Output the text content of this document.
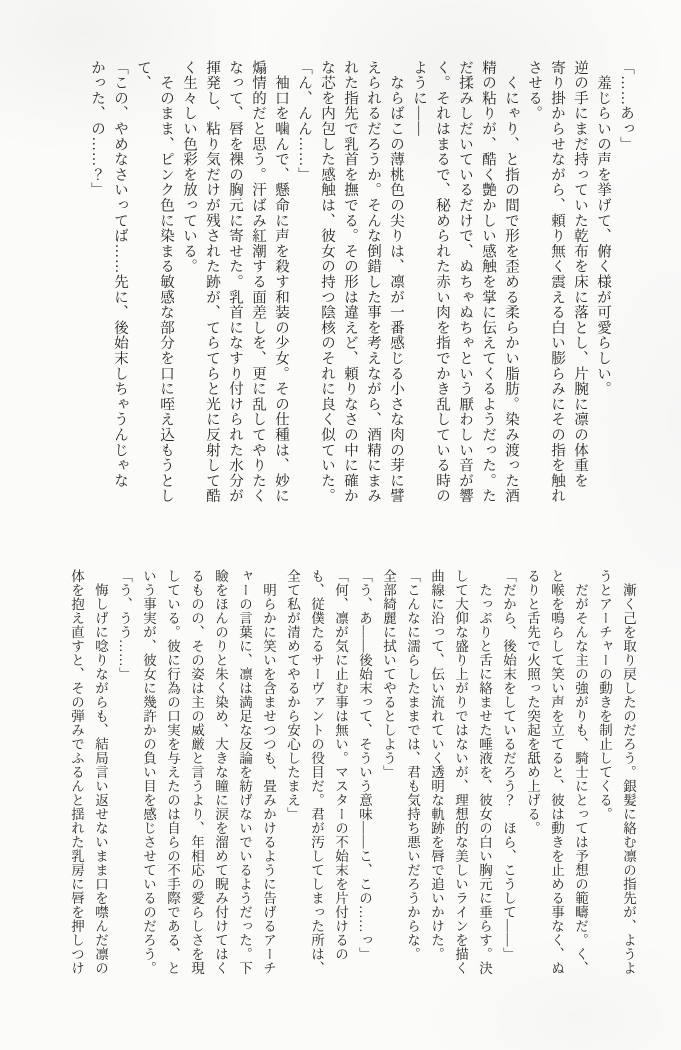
「……あっ」

　羞じらいの声を挙げて、俯く様が可愛らしい。

逆の手にまだ持っていた乾布を床に落とし、片腕に凛の体重を

寄り掛からせながら、頼り無く震える白い膨らみにその指を触れ

させる。

　くにゃり、と指の間で形を歪める柔らかい脂肪。染み渡った酒

精の粘りが、酷く艶かしい感触を掌に伝えてくるようだった。た

だ揉みしだいているだけで、ぬちゃぬちゃという厭わしい音が響

く。それはまるで、秘められた赤い肉を指でかき乱している時の

ように――

　ならばこの薄桃色の尖りは、凛が一番感じる小さな肉の芽に譬

えられるだろうか。そんな倒錯した事を考えながら、酒精にまみ

れた指先で乳首を撫でる。その形は違えど、頼りなさの中に確か

な芯を内包した感触は、彼女の持つ陰核のそれに良く似ていた。

「ん、んん……」

　袖口を噛んで、懸命に声を殺す和装の少女。その仕種は、妙に

煽情的だと思う。汗ばみ紅潮する面差しを、更に乱してやりたく

なって、唇を裸の胸元に寄せた。乳首になすり付けられた水分が

揮発し、粘り気だけが残された跡が、てらてらと光に反射して酷

く生々しい色彩を放っている。

　そのまま、ピンク色に染まる敏感な部分を口に咥え込もうとし

て、

「この、やめなさいってば……先に、後始末しちゃうんじゃな

かった、の……？」

　漸く己を取り戻したのだろう。銀髪に絡む凛の指先が、ようよ

うとアーチャーの動きを制止してくる。

　だがそんな主の強がりも、騎士にとっては予想の範疇だ。く、

と喉を鳴らして笑い声を立てると、彼は動きを止める事なく、ぬ

るりと舌先で火照った突起を舐め上げる。

「だから、後始末をしているだろう？　ほら、こうして――」

　たっぷりと舌に絡ませた唾液を、彼女の白い胸元に垂らす。決

して大仰な盛り上がりではないが、理想的な美しいラインを描く

曲線に沿って、伝い流れていく透明な軌跡を唇で追いかけた。

「こんなに濡らしたままでは、君も気持ち悪いだろうからな。

全部綺麗に拭いてやるとしよう」

「う、あ――後始末って、そういう意味――こ、この……っ」

「何、凛が気に止む事は無い。マスターの不始末を片付けるの

も、従僕たるサーヴァントの役目だ。君が汚してしまった所は、

全て私が清めてやるから安心したまえ」

　明らかに笑いを含ませつつも、畳みかけるように告げるアーチ

ャーの言葉に、凛は満足な反論を紡げないでいるようだった。下

瞼をほんのりと朱く染め、大きな瞳に涙を溜めて睨み付けてはく

るものの、その姿は主の威厳と言うより、年相応の愛らしさを現

している。彼に行為の口実を与えたのは自らの不手際である、と

いう事実が、彼女に幾許かの負い目を感じさせているのだろう。

「う、うう……」

　悔しげに唸りながらも、結局言い返せないまま口を噤んだ凛の

体を抱え直すと、その弾みでふるんと揺れた乳房に唇を押しつけ
